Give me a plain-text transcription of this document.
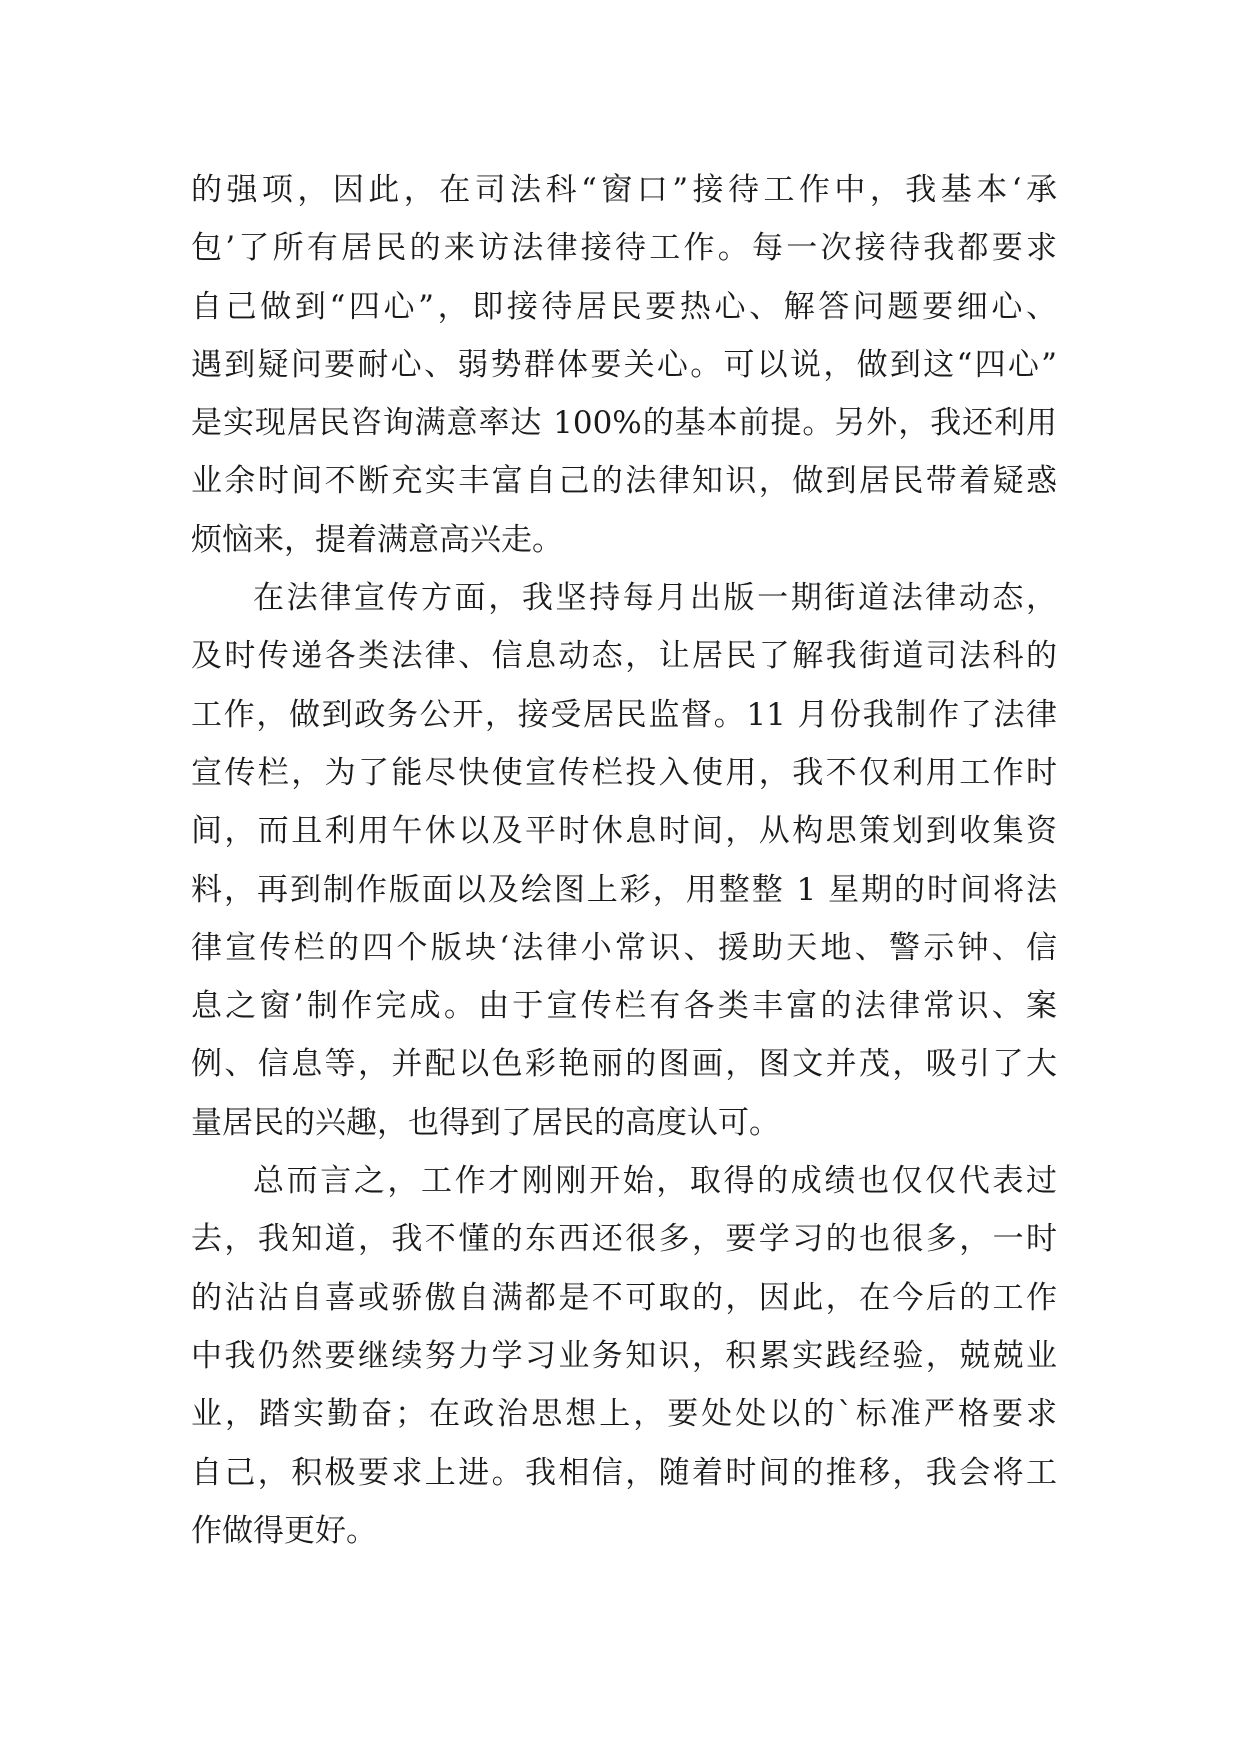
的强项，因此，在司法科“窗口”接待工作中，我基本‘承
包’了所有居民的来访法律接待工作。每一次接待我都要求
自己做到“四心”，即接待居民要热心、解答问题要细心、
遇到疑问要耐心、弱势群体要关心。可以说，做到这“四心”
是实现居民咨询满意率达 100%的基本前提。另外，我还利用
业余时间不断充实丰富自己的法律知识，做到居民带着疑惑
烦恼来，提着满意高兴走。
在法律宣传方面，我坚持每月出版一期街道法律动态，
及时传递各类法律、信息动态，让居民了解我街道司法科的
工作，做到政务公开，接受居民监督。11 月份我制作了法律
宣传栏，为了能尽快使宣传栏投入使用，我不仅利用工作时
间，而且利用午休以及平时休息时间，从构思策划到收集资
料，再到制作版面以及绘图上彩，用整整 1 星期的时间将法
律宣传栏的四个版块‘法律小常识、援助天地、警示钟、信
息之窗’制作完成。由于宣传栏有各类丰富的法律常识、案
例、信息等，并配以色彩艳丽的图画，图文并茂，吸引了大
量居民的兴趣，也得到了居民的高度认可。
总而言之，工作才刚刚开始，取得的成绩也仅仅代表过
去，我知道，我不懂的东西还很多，要学习的也很多，一时
的沾沾自喜或骄傲自满都是不可取的，因此，在今后的工作
中我仍然要继续努力学习业务知识，积累实践经验，兢兢业
业，踏实勤奋；在政治思想上，要处处以的`标准严格要求
自己，积极要求上进。我相信，随着时间的推移，我会将工
作做得更好。
